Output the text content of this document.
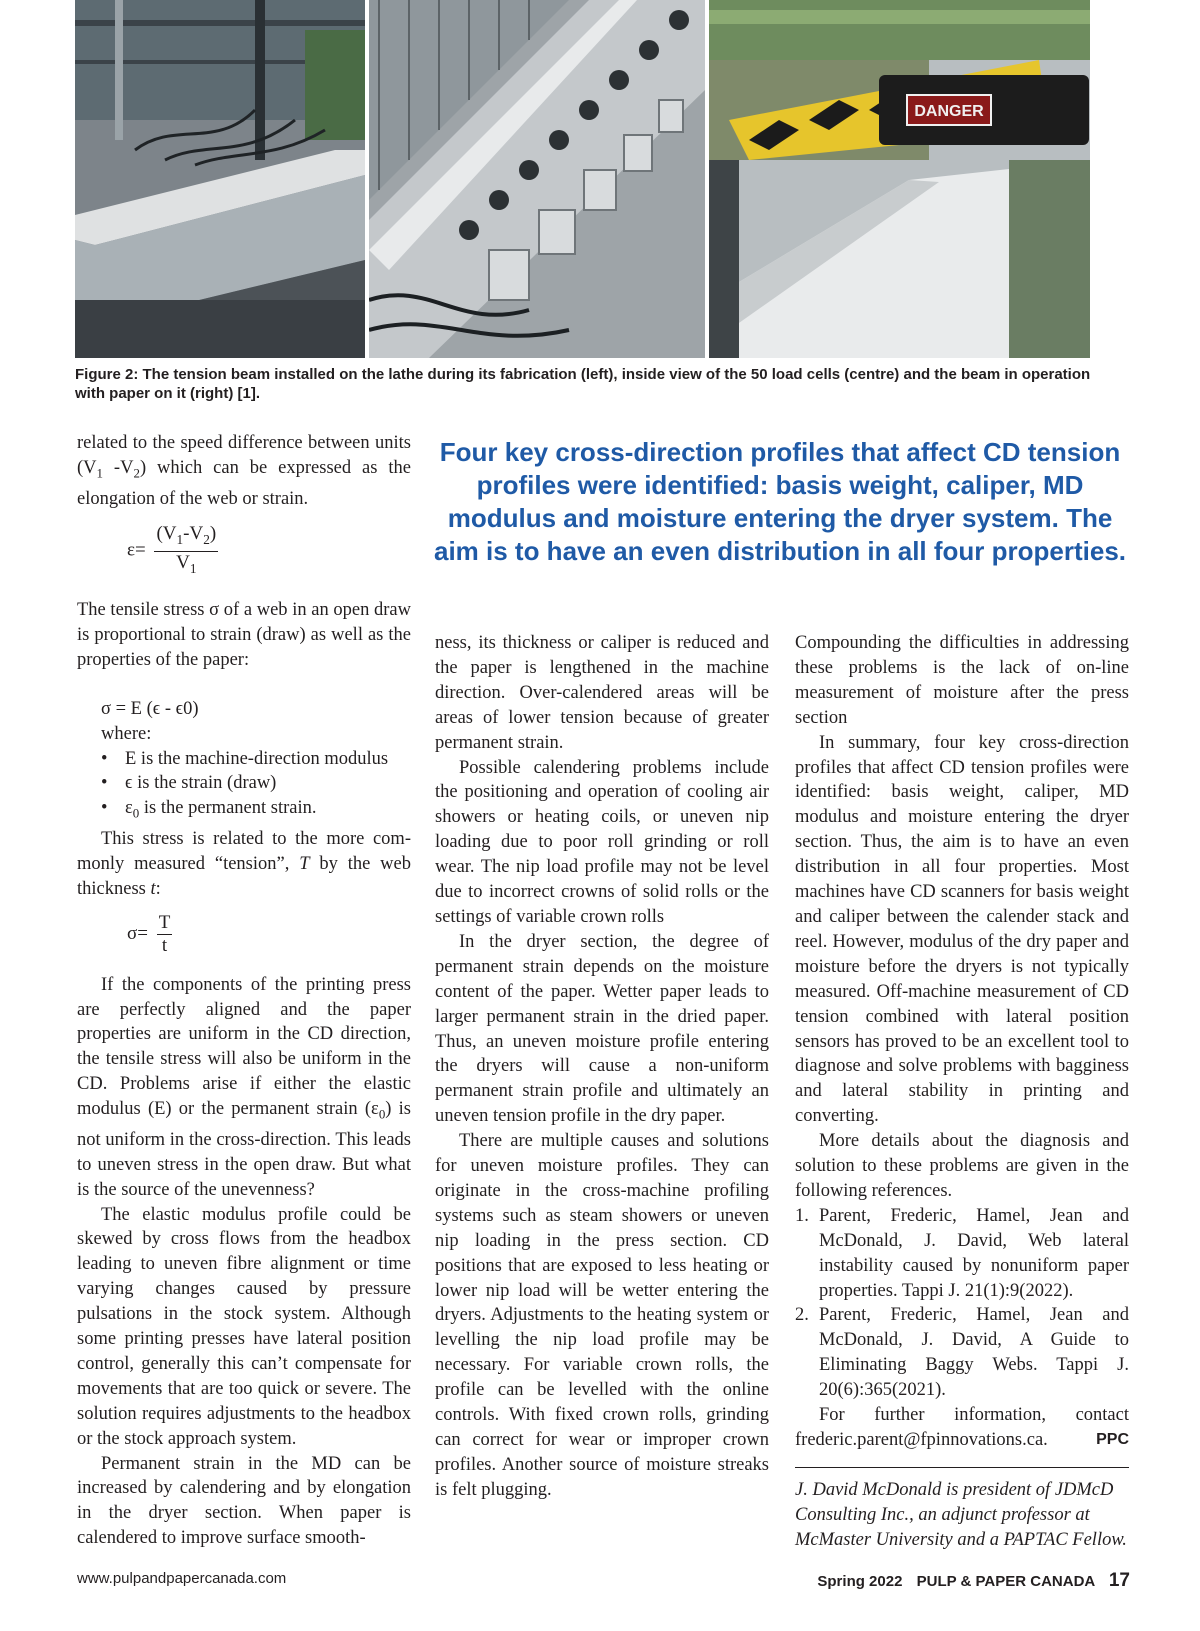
DANGER
Figure 2: The tension beam installed on the lathe during its fabrication (left), inside view of the 50 load cells (centre) and the beam in operation with paper on it (right) [1].

related to the speed difference between units ($V_1$ $-V_2$) which can be expressed as the elongation of the web or strain.

$\varepsilon= \frac{(V_1-V_2)}{V_1}$

The tensile stress σ of a web in an open draw is proportional to strain (draw) as well as the properties of the paper:

σ = E (ϵ - ϵ0)
where:
• E is the machine-direction modulus
• ϵ is the strain (draw)
• $\varepsilon_0$ is the permanent strain.

This stress is related to the more commonly measured “tension”, T by the web thickness t:

$\sigma= \frac{T}{t}$

If the components of the printing press are perfectly aligned and the paper properties are uniform in the CD direction, the tensile stress will also be uniform in the CD. Problems arise if either the elastic modulus (E) or the permanent strain $(\varepsilon_0)$ is not uniform in the cross-direction. This leads to uneven stress in the open draw. But what is the source of the unevenness?

The elastic modulus profile could be skewed by cross flows from the headbox leading to uneven fibre alignment or time varying changes caused by pressure pulsations in the stock system. Although some printing presses have lateral position control, generally this can’t compensate for movements that are too quick or severe. The solution requires adjustments to the headbox or the stock approach system.

Permanent strain in the MD can be increased by calendering and by elongation in the dryer section. When paper is calendered to improve surface smooth-

Four key cross-direction profiles that affect CD tension profiles were identified: basis weight, caliper, MD modulus and moisture entering the dryer system. The aim is to have an even distribution in all four properties.

ness, its thickness or caliper is reduced and the paper is lengthened in the machine direction. Over-calendered areas will be areas of lower tension because of greater permanent strain.

Possible calendering problems include the positioning and operation of cooling air showers or heating coils, or uneven nip loading due to poor roll grinding or roll wear. The nip load profile may not be level due to incorrect crowns of solid rolls or the settings of variable crown rolls

In the dryer section, the degree of permanent strain depends on the moisture content of the paper. Wetter paper leads to larger permanent strain in the dried paper. Thus, an uneven moisture profile entering the dryers will cause a non-uniform permanent strain profile and ultimately an uneven tension profile in the dry paper.

There are multiple causes and solutions for uneven moisture profiles. They can originate in the cross-machine profiling systems such as steam showers or uneven nip loading in the press section. CD positions that are exposed to less heating or lower nip load will be wetter entering the dryers. Adjustments to the heating system or levelling the nip load profile may be necessary. For variable crown rolls, the profile can be levelled with the online controls. With fixed crown rolls, grinding can correct for wear or improper crown profiles. Another source of moisture streaks is felt plugging.

Compounding the difficulties in addressing these problems is the lack of on-line measurement of moisture after the press section

In summary, four key cross-direction profiles that affect CD tension profiles were identified: basis weight, caliper, MD modulus and moisture entering the dryer section. Thus, the aim is to have an even distribution in all four properties. Most machines have CD scanners for basis weight and caliper between the calender stack and reel. However, modulus of the dry paper and moisture before the dryers is not typically measured. Off-machine measurement of CD tension combined with lateral position sensors has proved to be an excellent tool to diagnose and solve problems with bagginess and lateral stability in printing and converting.

More details about the diagnosis and solution to these problems are given in the following references.

1. Parent, Frederic, Hamel, Jean and McDonald, J. David, Web lateral instability caused by nonuniform paper properties. Tappi J. 21(1):9(2022).
2. Parent, Frederic, Hamel, Jean and McDonald, J. David, A Guide to Eliminating Baggy Webs. Tappi J. 20(6):365(2021).

For further information, contact frederic.parent@fpinnovations.ca.	PPC

J. David McDonald is president of JDMcD Consulting Inc., an adjunct professor at McMaster University and a PAPTAC Fellow.

www.pulpandpapercanada.com	Spring 2022 PULP & PAPER CANADA 17
